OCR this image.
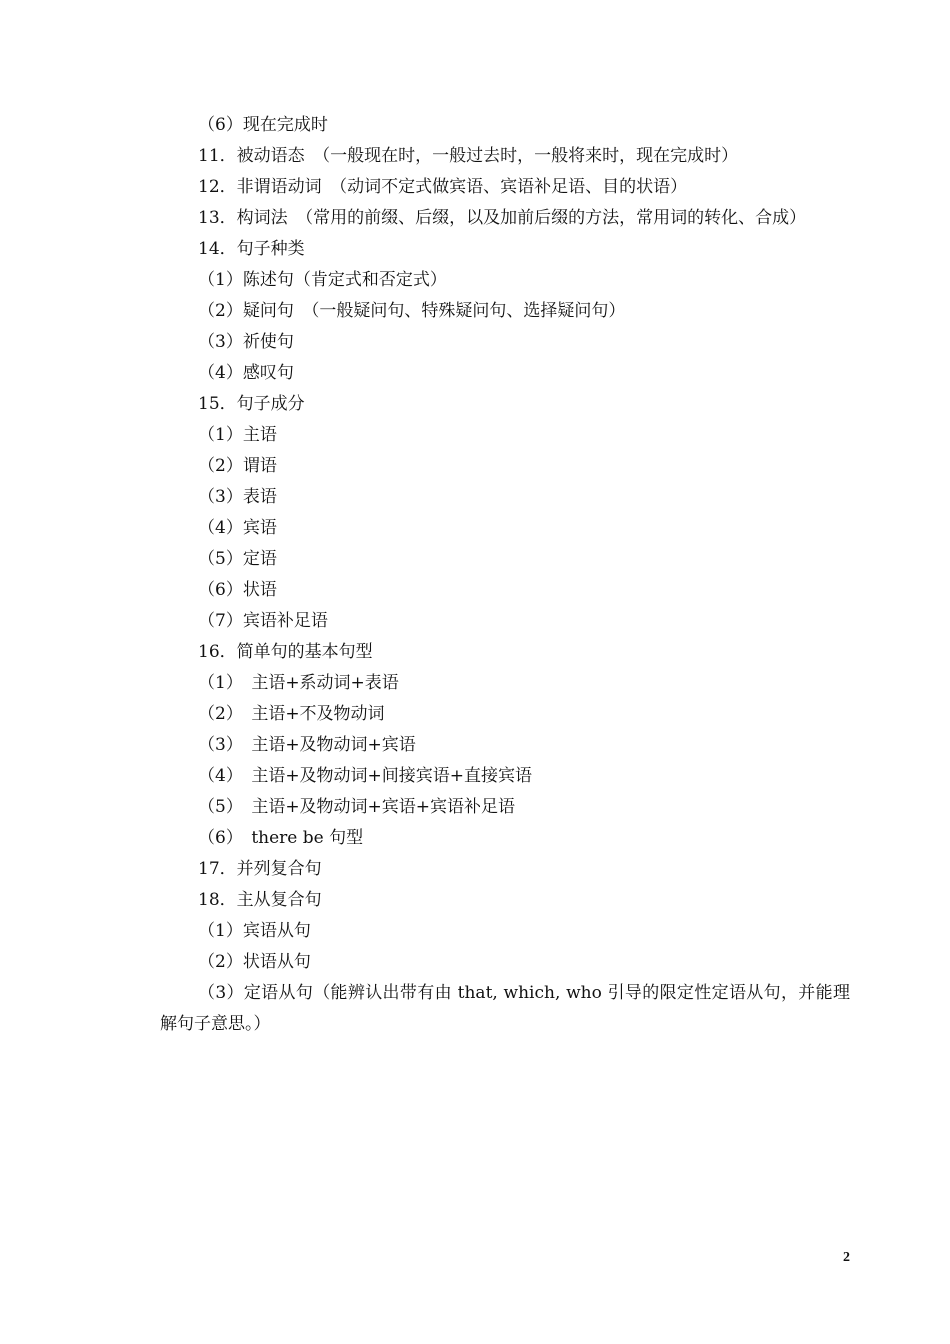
（6）现在完成时
11．被动语态　（一般现在时，一般过去时，一般将来时，现在完成时）
12．非谓语动词　（动词不定式做宾语、宾语补足语、目的状语）
13．构词法　（常用的前缀、后缀，以及加前后缀的方法，常用词的转化、合成）
14．句子种类
（1）陈述句（肯定式和否定式）
（2）疑问句　（一般疑问句、特殊疑问句、选择疑问句）
（3）祈使句
（4）感叹句
15．句子成分
（1）主语
（2）谓语
（3）表语
（4）宾语
（5）定语
（6）状语
（7）宾语补足语
16．简单句的基本句型
（1）　主语+系动词+表语
（2）　主语+不及物动词
（3）　主语+及物动词+宾语
（4）　主语+及物动词+间接宾语+直接宾语
（5）　主语+及物动词+宾语+宾语补足语
（6）　there be 句型
17．并列复合句
18．主从复合句
（1）宾语从句
（2）状语从句
（3）定语从句（能辨认出带有由 that, which, who 引导的限定性定语从句，并能理解句子意思。）
2
